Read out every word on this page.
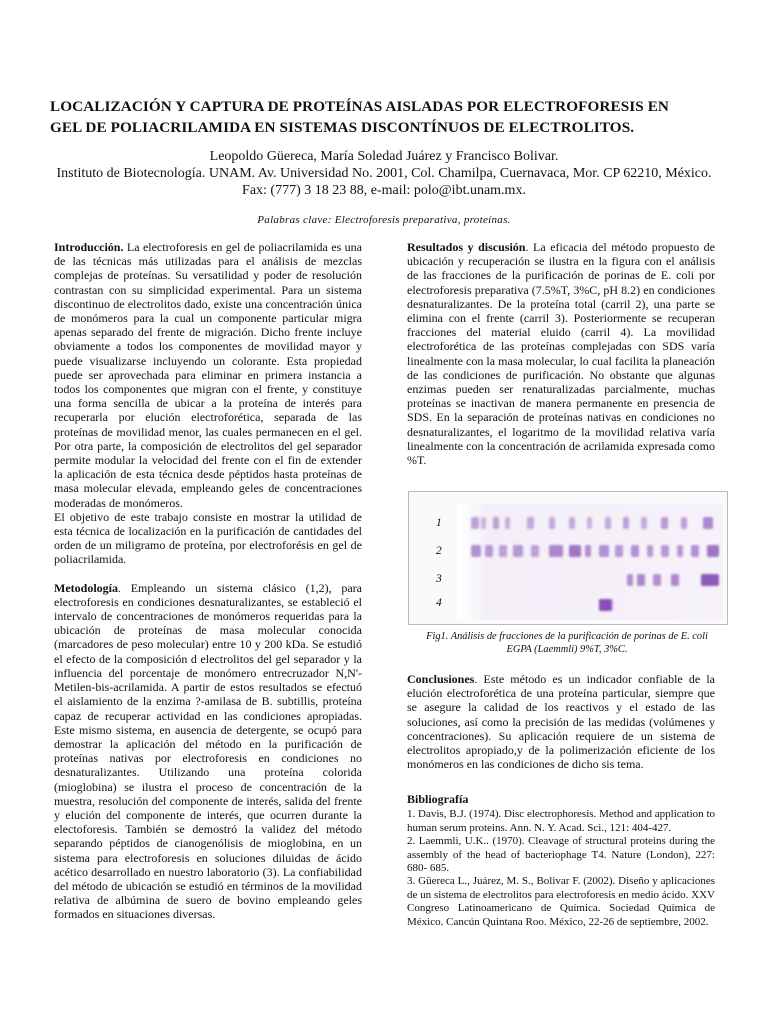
LOCALIZACIÓN Y CAPTURA DE PROTEÍNAS AISLADAS POR ELECTROFORESIS EN
GEL DE POLIACRILAMIDA EN SISTEMAS DISCONTÍNUOS DE ELECTROLITOS.
Leopoldo Güereca, María Soledad Juárez y Francisco Bolivar.
Instituto de Biotecnología. UNAM. Av. Universidad No. 2001, Col. Chamilpa, Cuernavaca, Mor. CP 62210, México.
Fax: (777) 3 18 23 88, e-mail: polo@ibt.unam.mx.
Palabras clave: Electroforesis preparativa, proteínas.

Introducción. La electroforesis en gel de poliacrilamida es una de las técnicas más utilizadas para el análisis de mezclas complejas de proteínas. Su versatilidad y poder de resolución contrastan con su simplicidad experimental. Para un sistema discontinuo de electrolitos dado, existe una concentración única de monómeros para la cual un componente particular migra apenas separado del frente de migración. Dicho frente incluye obviamente a todos los componentes de movilidad mayor y puede visualizarse incluyendo un colorante. Esta propiedad puede ser aprovechada para eliminar en primera instancia a todos los componentes que migran con el frente, y constituye una forma sencilla de ubicar a la proteína de interés para recuperarla por elución electroforética, separada de las proteínas de movilidad menor, las cuales permanecen en el gel. Por otra parte, la composición de electrolitos del gel separador permite modular la velocidad del frente con el fin de extender la aplicación de esta técnica desde péptidos hasta proteínas de masa molecular elevada, empleando geles de concentraciones moderadas de monómeros.

El objetivo de este trabajo consiste en mostrar la utilidad de esta técnica de localización en la purificación de cantidades del orden de un miligramo de proteína, por electroforésis en gel de poliacrilamida.

Metodología. Empleando un sistema clásico (1,2), para electroforesis en condiciones desnaturalizantes, se estableció el intervalo de concentraciones de monómeros requeridas para la ubicación de proteínas de masa molecular conocida (marcadores de peso molecular) entre 10 y 200 kDa. Se estudió el efecto de la composición d electrolitos del gel separador y la influencia del porcentaje de monómero entrecruzador N,N'-Metilen-bis-acrilamida. A partir de estos resultados se efectuó el aislamiento de la enzima ?-amilasa de B. subtillis, proteína capaz de recuperar actividad en las condiciones apropiadas. Este mismo sistema, en ausencia de detergente, se ocupó para demostrar la aplicación del método en la purificación de proteínas nativas por electroforesis en condiciones no desnaturalizantes. Utilizando una proteína colorida (mioglobina) se ilustra el proceso de concentración de la muestra, resolución del componente de interés, salida del frente y elución del componente de interés, que ocurren durante la electoforesis. También se demostró la validez del método separando péptidos de cianogenólisis de mioglobina, en un sistema para electroforesis en soluciones diluidas de ácido acético desarrollado en nuestro laboratorio (3). La confiabilidad del método de ubicación se estudió en términos de la movilidad relativa de albúmina de suero de bovino empleando geles formados en situaciones diversas.

Resultados y discusión. La eficacia del método propuesto de ubicación y recuperación se ilustra en la figura con el análisis de las fracciones de la purificación de porinas de E. coli por electroforesis preparativa (7.5%T, 3%C, pH 8.2) en condiciones desnaturalizantes. De la proteína total (carril 2), una parte se elimina con el frente (carril 3). Posteriormente se recuperan fracciones del material eluido (carril 4). La movilidad electroforética de las proteínas complejadas con SDS varía linealmente con la masa molecular, lo cual facilita la planeación de las condiciones de purificación. No obstante que algunas enzimas pueden ser renaturalizadas parcialmente, muchas proteínas se inactivan de manera permanente en presencia de SDS. En la separación de proteínas nativas en condiciones no desnaturalizantes, el logaritmo de la movilidad relativa varía linealmente con la concentración de acrilamida expresada como %T.

1
2
3
4
Fig1. Análisis de fracciones de la purificación de porinas de E. coli
EGPA (Laemmli) 9%T, 3%C.

Conclusiones. Este método es un indicador confiable de la elución electroforética de una proteína particular, siempre que se asegure la calidad de los reactivos y el estado de las soluciones, así como la precisión de las medidas (volúmenes y concentraciones). Su aplicación requiere de un sistema de electrolitos apropiado,y de la polimerización eficiente de los monómeros en las condiciones de dicho sis tema.

Bibliografía

1. Davis, B.J. (1974). Disc electrophoresis. Method and application to human serum proteins. Ann. N. Y. Acad. Sci., 121: 404-427.

2. Laemmli, U.K.. (1970). Cleavage of structural proteins during the assembly of the head of bacteriophage T4. Nature (London), 227: 680- 685.

3. Güereca L., Juárez, M. S., Bolivar F. (2002). Diseño y aplicaciones de un sistema de electrolitos para electroforesis en medio ácido. XXV Congreso Latinoamericano de Química. Sociedad Química de México. Cancún Quintana Roo. México, 22-26 de septiembre, 2002.
